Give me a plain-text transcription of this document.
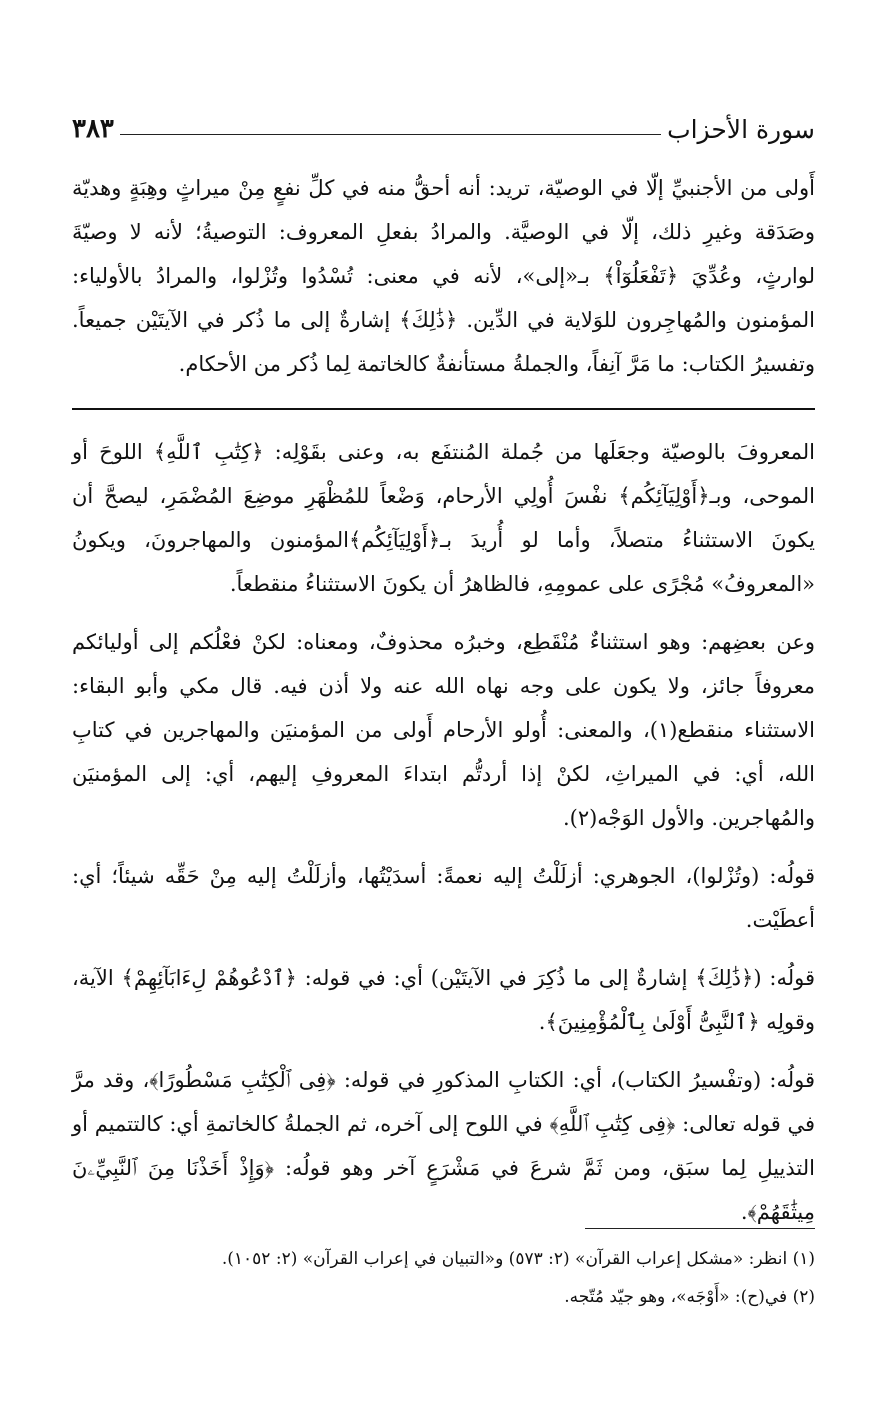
سورة الأحزاب
٣٨٣
أَولى من الأجنبيِّ إلّا في الوصيّة، تريد: أنه أحقُّ منه في كلِّ نفعٍ مِنْ ميراثٍ وهِبَةٍ وهديّة وصَدَقة وغيرِ ذلك، إلّا في الوصيَّة. والمرادُ بفعلِ المعروف: التوصيةُ؛ لأنه لا وصيّةَ لوارثٍ، وعُدِّيَ ﴿تَفْعَلُوٓاْ﴾ بـ«إلى»، لأنه في معنى: تُسْدُوا وتُزْلوا، والمرادُ بالأولياء: المؤمنون والمُهاجِرون للوَلاية في الدِّين. ﴿ذَٰلِكَ﴾ إشارةٌ إلى ما ذُكر في الآيتَيْن جميعاً. وتفسيرُ الكتاب: ما مَرَّ آنِفاً، والجملةُ مستأنفةٌ كالخاتمة لِما ذُكر من الأحكام.

المعروفَ بالوصيّة وجعَلَها من جُملة المُنتفَع به، وعنى بقَوْلِه: ﴿كِتَٰبِ ٱللَّهِ﴾ اللوحَ أو الموحى، وبـ﴿أَوْلِيَآئِكُم﴾ نفْسَ أُولِي الأرحام، وَضْعاً للمُظْهَرِ موضِعَ المُضْمَرِ، ليصحَّ أن يكونَ الاستثناءُ متصلاً، وأما لو أُريدَ بـ﴿أَوْلِيَآئِكُم﴾المؤمنون والمهاجرونَ، ويكونُ «المعروفُ» مُجْرًى على عمومِهِ، فالظاهرُ أن يكونَ الاستثناءُ منقطعاً.

وعن بعضِهم: وهو استثناءٌ مُنْقَطِع، وخبرُه محذوفٌ، ومعناه: لكنْ فعْلُكم إلى أوليائكم معروفاً جائز، ولا يكون على وجه نهاه الله عنه ولا أذن فيه. قال مكي وأبو البقاء: الاستثناء منقطع(١)، والمعنى: أُولو الأرحام أَولى من المؤمنيَن والمهاجرين في كتابِ الله، أي: في الميراثِ، لكنْ إذا أردتُّم ابتداءَ المعروفِ إليهم، أي: إلى المؤمنيَن والمُهاجرين. والأول الوَجْه(٢).

قولُه: (وتُزْلوا)، الجوهري: أزلَلْتُ إليه نعمةً: أسدَيْتُها، وأزلَلْتُ إليه مِنْ حَقِّه شيئاً؛ أي: أعطَيْت.

قولُه: (﴿ذَٰلِكَ﴾ إشارةٌ إلى ما ذُكِرَ في الآيتَيْن) أي: في قوله: ﴿ٱدْعُوهُمْ لِءَابَآئِهِمْ﴾ الآية، وقولِه ﴿ٱلنَّبِىُّ أَوْلَىٰ بِٱلْمُؤْمِنِينَ﴾.

قولُه: (وتفْسيرُ الكتاب)، أي: الكتابِ المذكورِ في قوله: ﴿فِى ٱلْكِتَٰبِ مَسْطُورًا﴾، وقد مرَّ في قوله تعالى: ﴿فِى كِتَٰبِ ٱللَّهِ﴾ في اللوح إلى آخره، ثم الجملةُ كالخاتمةِ أي: كالتتميم أو التذييلِ لِما سبَق، ومن ثَمَّ شرعَ في مَشْرَعٍ آخر وهو قولُه: ﴿وَإِذْ أَخَذْنَا مِنَ ٱلنَّبِيِّۦنَ مِيثَٰقَهُمْ﴾.

(١) انظر: «مشكل إعراب القرآن» (٢: ٥٧٣) و«التبيان في إعراب القرآن» (٢: ١٠٥٢).

(٢) في(ح): «أَوْجَه»، وهو جيّد مُتّجه.
